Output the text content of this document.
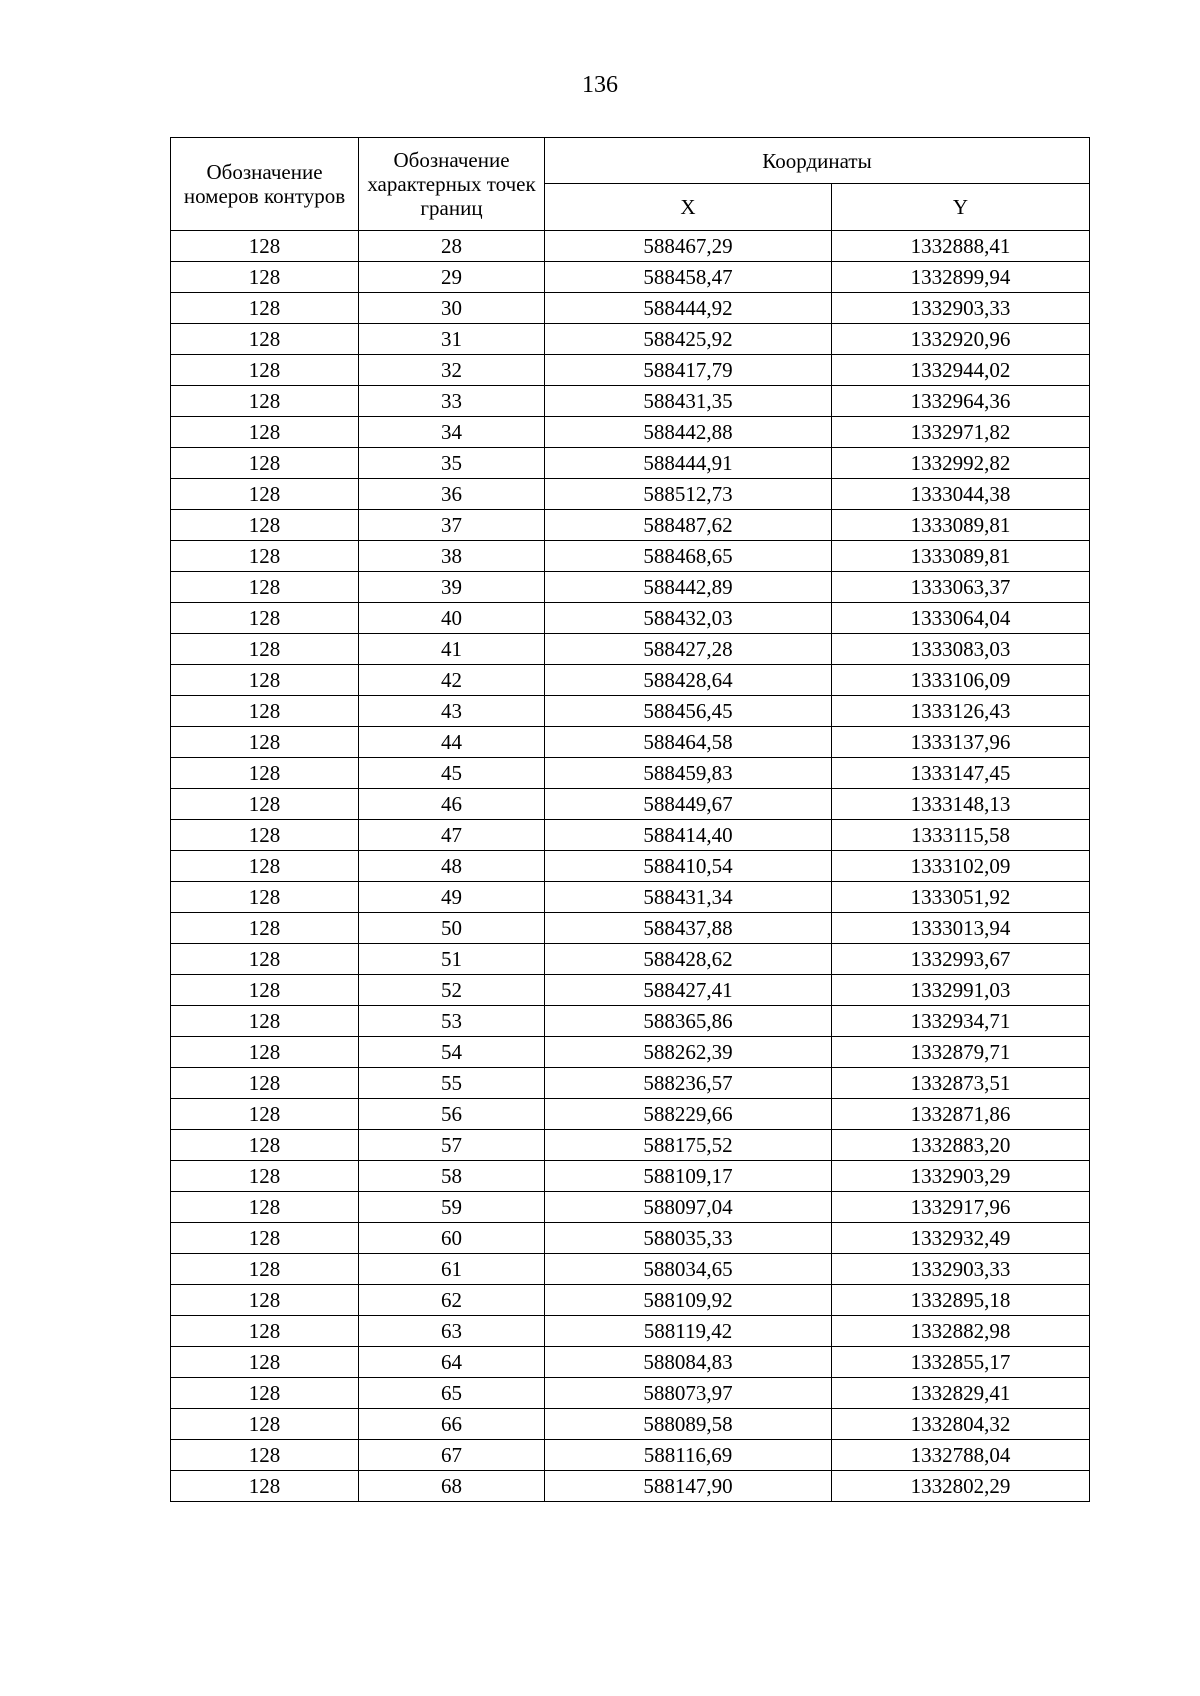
136
Обозначение номеров контуров	Обозначение характерных точек границ	Координаты	
		X	Y
128	28	588467,29	1332888,41
128	29	588458,47	1332899,94
128	30	588444,92	1332903,33
128	31	588425,92	1332920,96
128	32	588417,79	1332944,02
128	33	588431,35	1332964,36
128	34	588442,88	1332971,82
128	35	588444,91	1332992,82
128	36	588512,73	1333044,38
128	37	588487,62	1333089,81
128	38	588468,65	1333089,81
128	39	588442,89	1333063,37
128	40	588432,03	1333064,04
128	41	588427,28	1333083,03
128	42	588428,64	1333106,09
128	43	588456,45	1333126,43
128	44	588464,58	1333137,96
128	45	588459,83	1333147,45
128	46	588449,67	1333148,13
128	47	588414,40	1333115,58
128	48	588410,54	1333102,09
128	49	588431,34	1333051,92
128	50	588437,88	1333013,94
128	51	588428,62	1332993,67
128	52	588427,41	1332991,03
128	53	588365,86	1332934,71
128	54	588262,39	1332879,71
128	55	588236,57	1332873,51
128	56	588229,66	1332871,86
128	57	588175,52	1332883,20
128	58	588109,17	1332903,29
128	59	588097,04	1332917,96
128	60	588035,33	1332932,49
128	61	588034,65	1332903,33
128	62	588109,92	1332895,18
128	63	588119,42	1332882,98
128	64	588084,83	1332855,17
128	65	588073,97	1332829,41
128	66	588089,58	1332804,32
128	67	588116,69	1332788,04
128	68	588147,90	1332802,29
